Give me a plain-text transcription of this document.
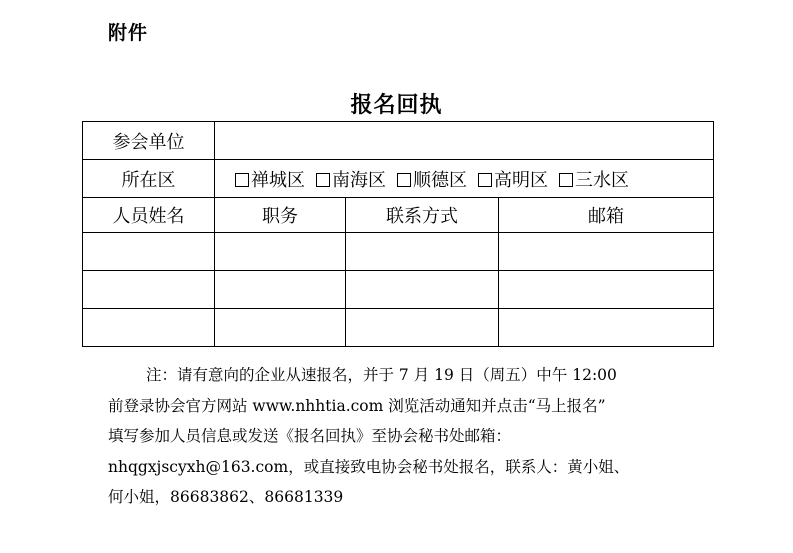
附件
报名回执
参会单位			
所在区	禅城区 南海区 顺德区 高明区 三水区		
人员姓名	职务	联系方式	邮箱

注：请有意向的企业从速报名，并于 7 月 19 日（周五）中午 12:00

前登录协会官方网站 www.nhhtia.com 浏览活动通知并点击“马上报名”

填写参加人员信息或发送《报名回执》至协会秘书处邮箱：

nhqgxjscyxh@163.com，或直接致电协会秘书处报名，联系人：黄小姐、

何小姐，86683862、86681339
